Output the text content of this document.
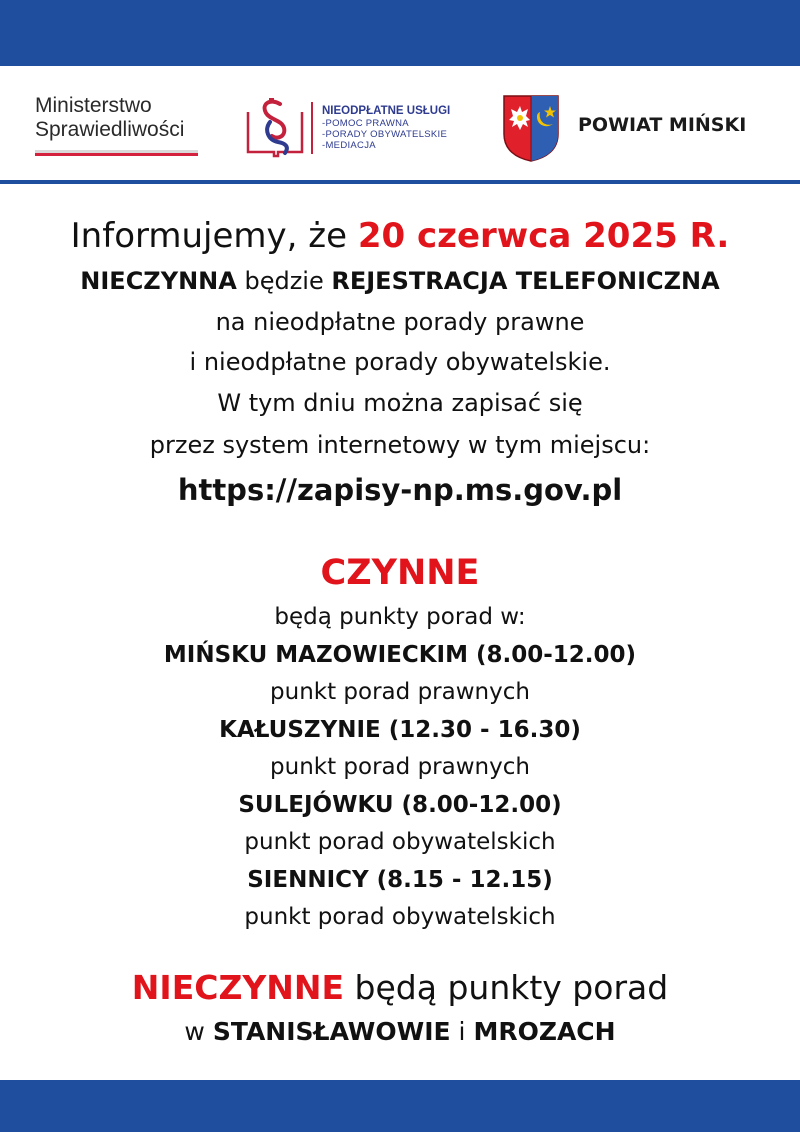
Ministerstwo
Sprawiedliwości
NIEODPŁATNE USŁUGI
-POMOC PRAWNA
-PORADY OBYWATELSKIE
-MEDIACJA
POWIAT MIŃSKI
Informujemy, że 20 czerwca 2025 R.
NIECZYNNA będzie REJESTRACJA TELEFONICZNA
na nieodpłatne porady prawne
i nieodpłatne porady obywatelskie.
W tym dniu można zapisać się
przez system internetowy w tym miejscu:
https://zapisy-np.ms.gov.pl
CZYNNE
będą punkty porad w:
MIŃSKU MAZOWIECKIM (8.00-12.00)
punkt porad prawnych
KAŁUSZYNIE (12.30 - 16.30)
punkt porad prawnych
SULEJÓWKU (8.00-12.00)
punkt porad obywatelskich
SIENNICY (8.15 - 12.15)
punkt porad obywatelskich
NIECZYNNE będą punkty porad
w STANISŁAWOWIE i MROZACH
